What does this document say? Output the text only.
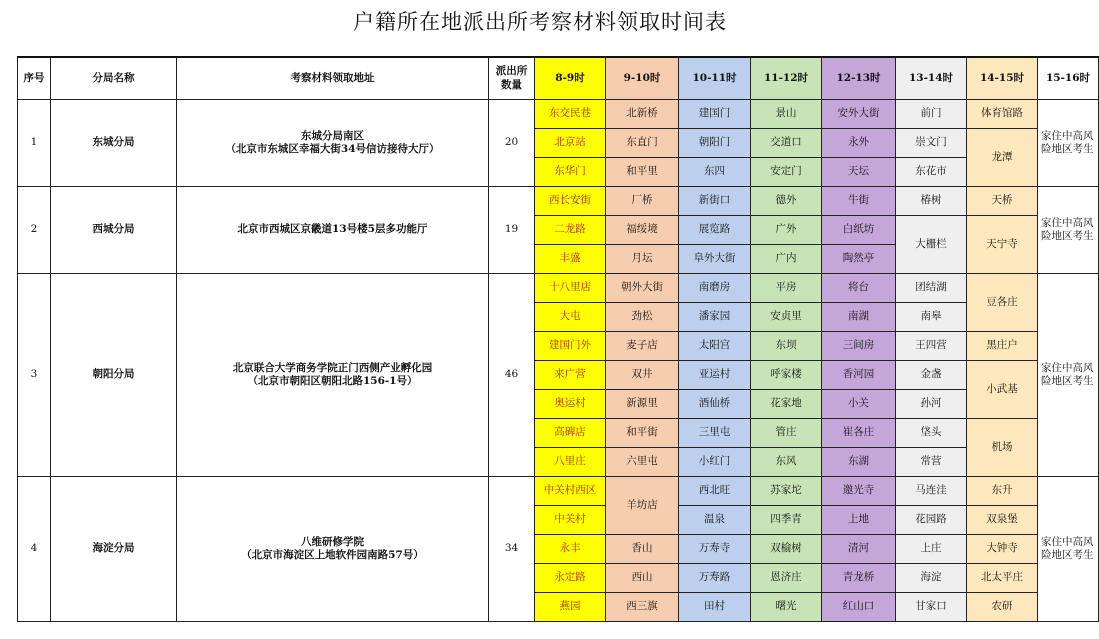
户籍所在地派出所考察材料领取时间表
序号	分局名称	考察材料领取地址	派出所数量	8-9时	9-10时	10-11时	11-12时	12-13时	13-14时	14-15时	15-16时
1	东城分局	东城分局南区
（北京市东城区幸福大街34号信访接待大厅）	20	东交民巷	北新桥	建国门	景山	安外大街	前门	体育馆路	家住中高风险地区考生
				北京站	东直门	朝阳门	交道口	永外	崇文门	龙潭	
				东华门	和平里	东四	安定门	天坛	东花市		
2	西城分局	北京市西城区京畿道13号楼5层多功能厅	19	西长安街	厂桥	新街口	德外	牛街	椿树	天桥	家住中高风险地区考生
				二龙路	福绥境	展览路	广外	白纸坊	大栅栏	天宁寺	
				丰盛	月坛	阜外大街	广内	陶然亭			
3	朝阳分局	北京联合大学商务学院正门西侧产业孵化园
（北京市朝阳区朝阳北路156-1号）	46	十八里店	朝外大街	南磨房	平房	将台	团结湖	豆各庄	家住中高风险地区考生
				大屯	劲松	潘家园	安贞里	南湖	南皋		
				建国门外	麦子店	太阳宫	东坝	三间房	王四营	黑庄户	
				来广营	双井	亚运村	呼家楼	香河园	金盏	小武基	
				奥运村	新源里	酒仙桥	花家地	小关	孙河		
				高碑店	和平街	三里屯	管庄	崔各庄	垡头	机场	
				八里庄	六里屯	小红门	东风	东湖	常营		
4	海淀分局	八维研修学院
（北京市海淀区上地软件园南路57号）	34	中关村西区	羊坊店	西北旺	苏家坨	邀光寺	马连洼	东升	家住中高风险地区考生
				中关村		温泉	四季青	上地	花园路	双泉堡	
				永丰	香山	万寿寺	双榆树	清河	上庄	大钟寺	
				永定路	西山	万寿路	恩济庄	青龙桥	海淀	北太平庄	
				燕园	西三旗	田村	曙光	红山口	甘家口	农研	
